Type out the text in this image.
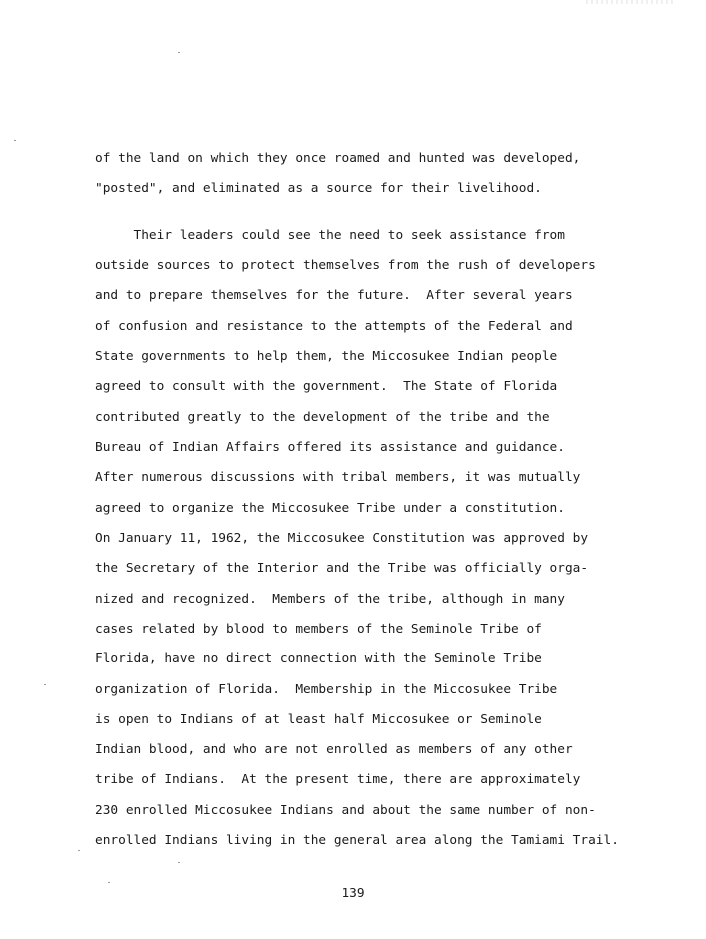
of the land on which they once roamed and hunted was developed,
"posted", and eliminated as a source for their livelihood.
Their leaders could see the need to seek assistance from
outside sources to protect themselves from the rush of developers
and to prepare themselves for the future.  After several years
of confusion and resistance to the attempts of the Federal and
State governments to help them, the Miccosukee Indian people
agreed to consult with the government.  The State of Florida
contributed greatly to the development of the tribe and the
Bureau of Indian Affairs offered its assistance and guidance.
After numerous discussions with tribal members, it was mutually
agreed to organize the Miccosukee Tribe under a constitution.
On January 11, 1962, the Miccosukee Constitution was approved by
the Secretary of the Interior and the Tribe was officially orga-
nized and recognized.  Members of the tribe, although in many
cases related by blood to members of the Seminole Tribe of
Florida, have no direct connection with the Seminole Tribe
organization of Florida.  Membership in the Miccosukee Tribe
is open to Indians of at least half Miccosukee or Seminole
Indian blood, and who are not enrolled as members of any other
tribe of Indians.  At the present time, there are approximately
230 enrolled Miccosukee Indians and about the same number of non-
enrolled Indians living in the general area along the Tamiami Trail.
139
